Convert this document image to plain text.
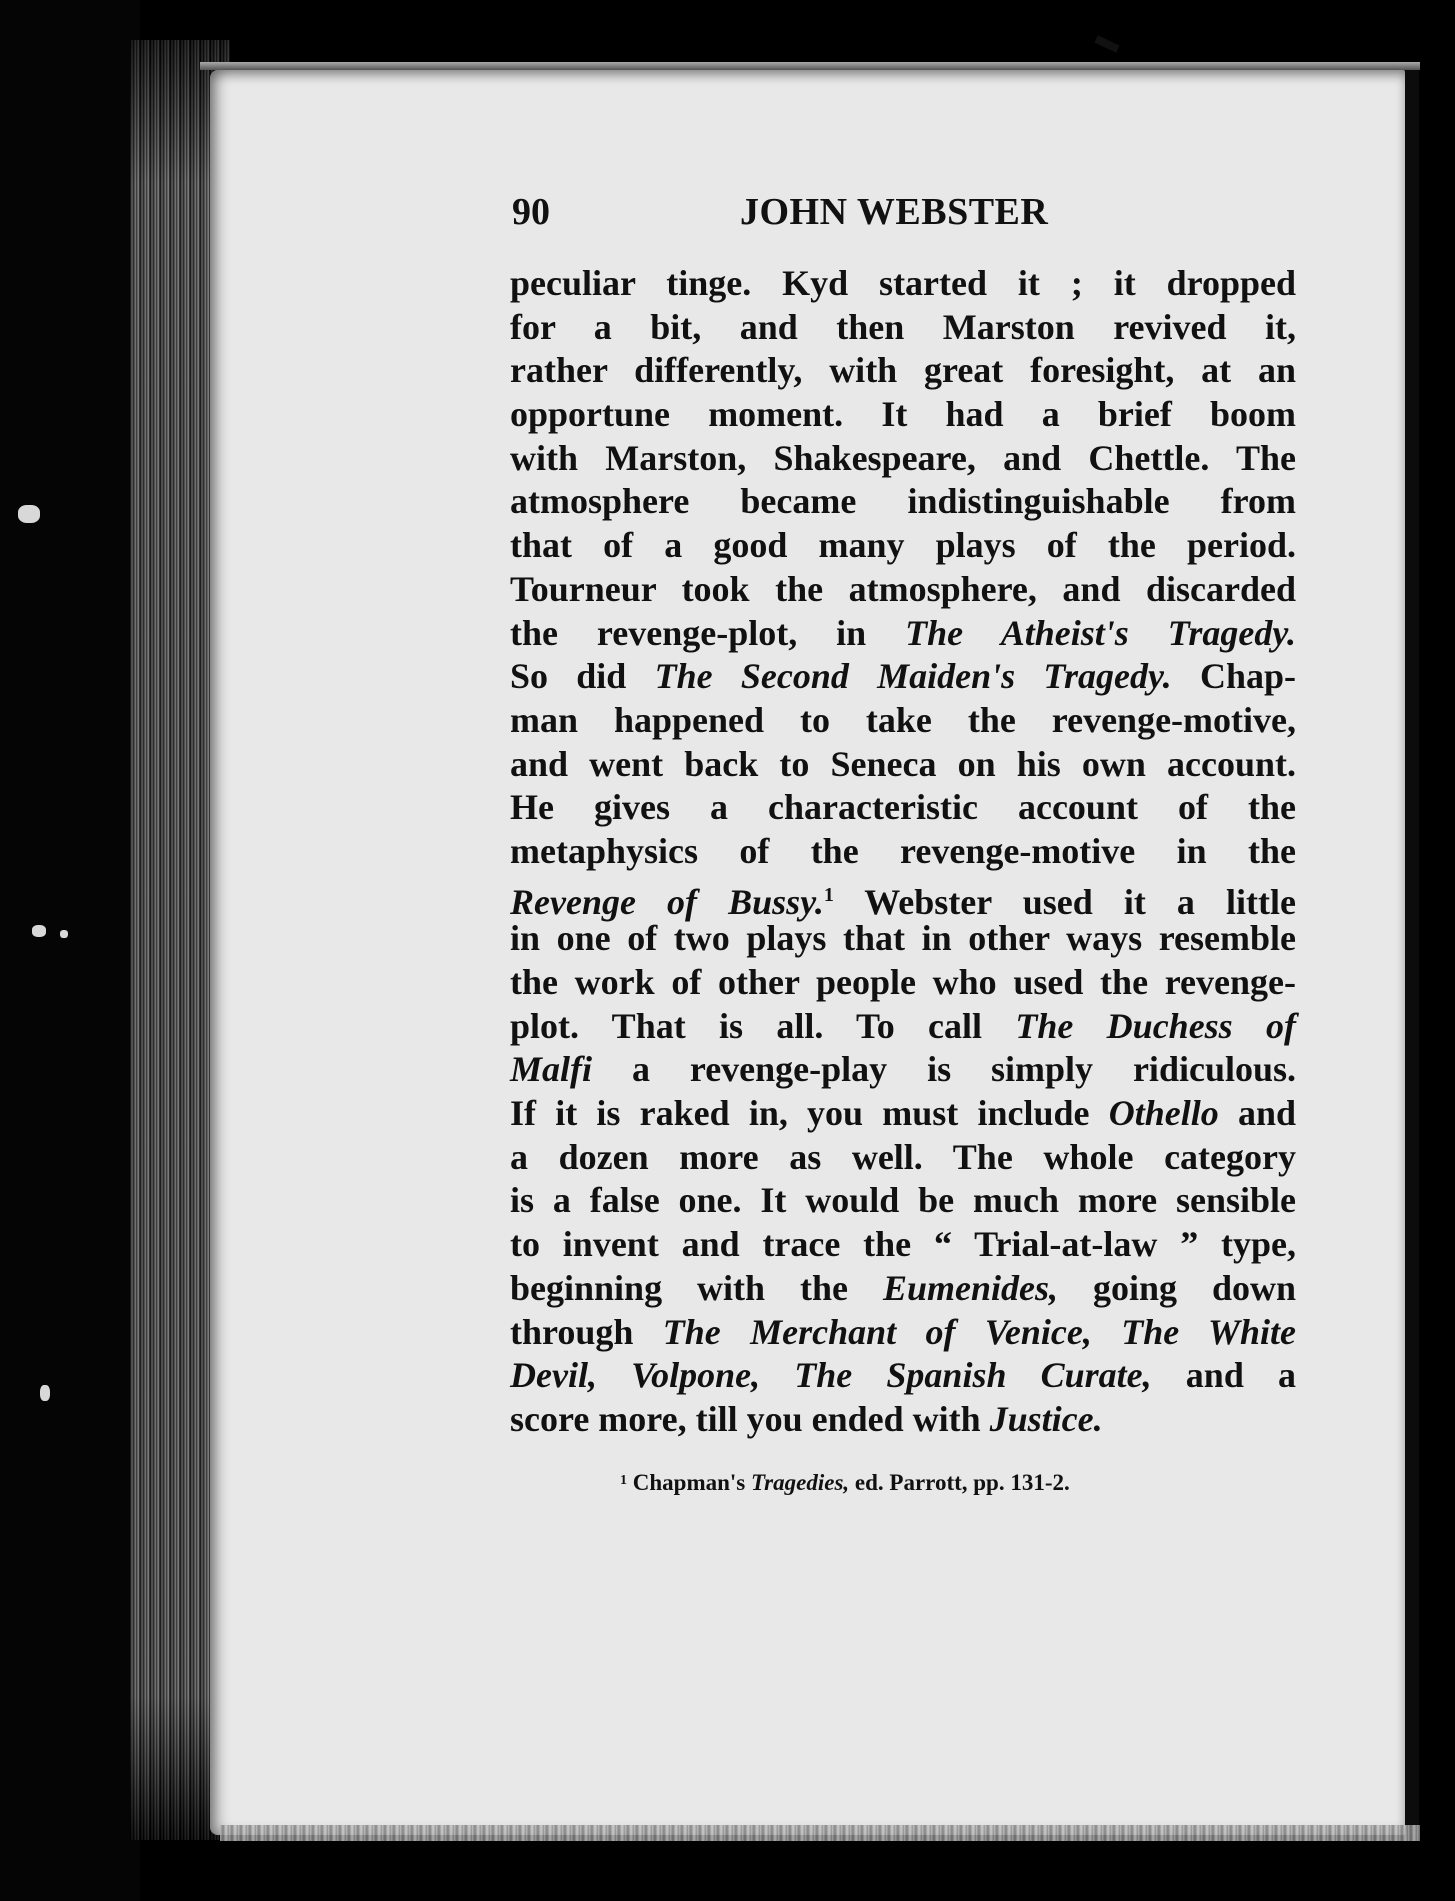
90	JOHN WEBSTER
peculiar tinge. Kyd started it ; it dropped
for a bit, and then Marston revived it,
rather differently, with great foresight, at an
opportune moment. It had a brief boom
with Marston, Shakespeare, and Chettle. The
atmosphere became indistinguishable from
that of a good many plays of the period.
Tourneur took the atmosphere, and discarded
the revenge-plot, in The Atheist's Tragedy.
So did The Second Maiden's Tragedy. Chap-
man happened to take the revenge-motive,
and went back to Seneca on his own account.
He gives a characteristic account of the
metaphysics of the revenge-motive in the
Revenge of Bussy.$^1$ Webster used it a little
in one of two plays that in other ways resemble
the work of other people who used the revenge-
plot. That is all. To call The Duchess of
Malfi a revenge-play is simply ridiculous.
If it is raked in, you must include Othello and
a dozen more as well. The whole category
is a false one. It would be much more sensible
to invent and trace the “ Trial-at-law ” type,
beginning with the Eumenides, going down
through The Merchant of Venice, The White
Devil, Volpone, The Spanish Curate, and a
score more, till you ended with Justice.
$^1$ Chapman's Tragedies, ed. Parrott, pp. 131-2.
